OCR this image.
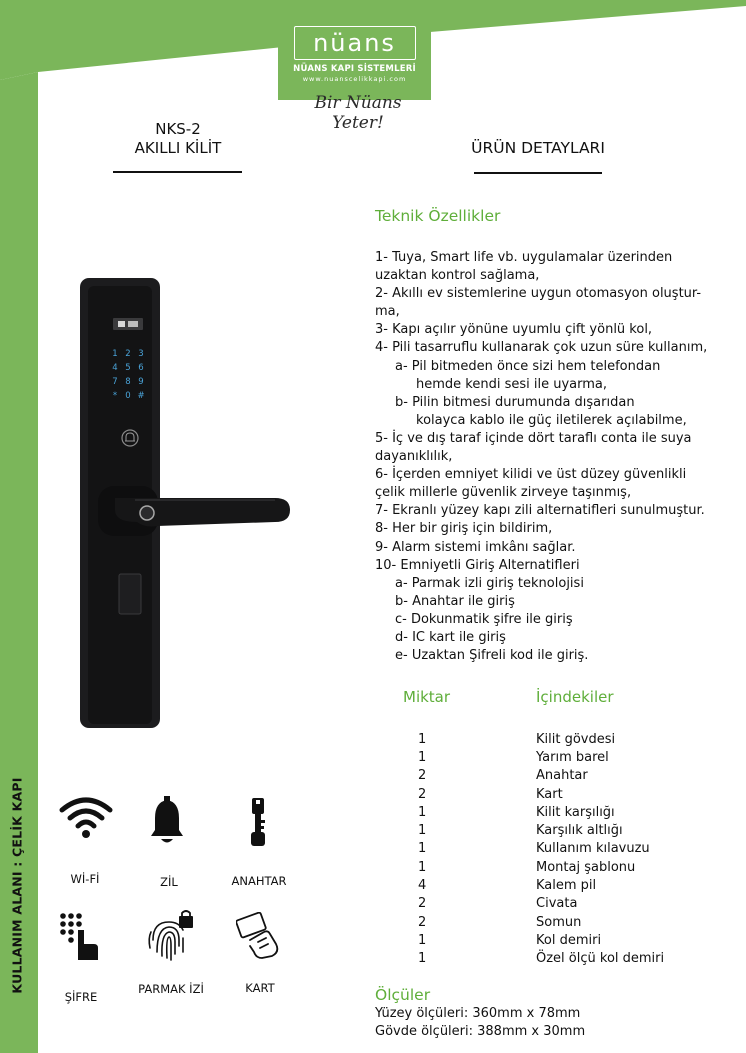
KULLANIM ALANI : ÇELİK KAPI
nüans
NÜANS KAPI SİSTEMLERİ
www.nuanscelikkapi.com
Bir Nüans Yeter!
NKS-2
AKILLI KİLİT	ÜRÜN DETAYLARI
Teknik Özellikler
1- Tuya, Smart life vb. uygulamalar üzerinden
uzaktan kontrol sağlama,
2- Akıllı ev sistemlerine uygun otomasyon oluştur-
ma,
3- Kapı açılır yönüne uyumlu çift yönlü kol,
4- Pili tasarruflu kullanarak çok uzun süre kullanım,
a- Pil bitmeden önce sizi hem telefondan
hemde kendi sesi ile uyarma,
b- Pilin bitmesi durumunda dışarıdan
kolayca kablo ile güç iletilerek açılabilme,
5- İç ve dış taraf içinde dört taraflı conta ile suya
dayanıklılık,
6- İçerden emniyet kilidi ve üst düzey güvenlikli
çelik millerle güvenlik zirveye taşınmış,
7- Ekranlı yüzey kapı zili alternatifleri sunulmuştur.
8- Her bir giriş için bildirim,
9- Alarm sistemi imkânı sağlar.
10- Emniyetli Giriş Alternatifleri
a- Parmak izli giriş teknolojisi
b- Anahtar ile giriş
c- Dokunmatik şifre ile giriş
d- IC kart ile giriş
e- Uzaktan Şifreli kod ile giriş.
Miktar	İçindekiler
1	Kilit gövdesi
1	Yarım barel
2	Anahtar
2	Kart
1	Kilit karşılığı
1	Karşılık altlığı
1	Kullanım kılavuzu
1	Montaj şablonu
4	Kalem pil
2	Civata
2	Somun
1	Kol demiri
1	Özel ölçü kol demiri
Ölçüler
Yüzey ölçüleri: 360mm x 78mm
Gövde ölçüleri: 388mm x 30mm
1 2 3
4 5 6
7 8 9
* 0 #
Wİ-Fİ	ZİL	ANAHTAR
ŞİFRE
PARMAK İZİ	KART
